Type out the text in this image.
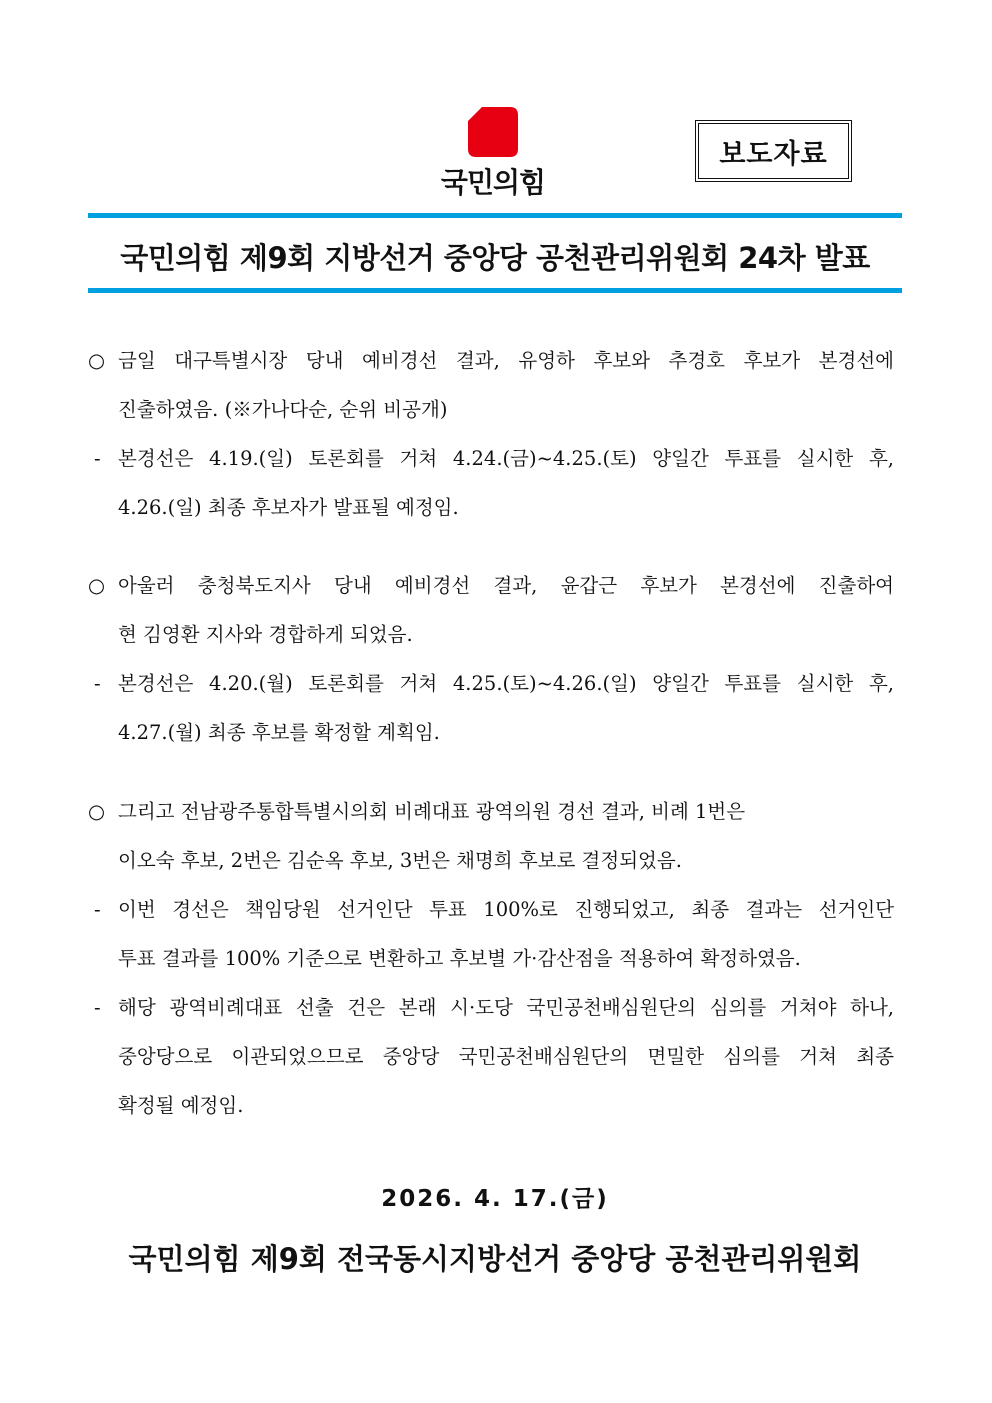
국민의힘
보도자료
국민의힘 제9회 지방선거 중앙당 공천관리위원회 24차 발표
○ 금일 대구특별시장 당내 예비경선 결과, 유영하 후보와 추경호 후보가 본경선에
진출하였음. (※가나다순, 순위 비공개)
- 본경선은 4.19.(일) 토론회를 거쳐 4.24.(금)~4.25.(토) 양일간 투표를 실시한 후,
4.26.(일) 최종 후보자가 발표될 예정임.
○ 아울러 충청북도지사 당내 예비경선 결과, 윤갑근 후보가 본경선에 진출하여
현 김영환 지사와 경합하게 되었음.
- 본경선은 4.20.(월) 토론회를 거쳐 4.25.(토)~4.26.(일) 양일간 투표를 실시한 후,
4.27.(월) 최종 후보를 확정할 계획임.
○ 그리고 전남광주통합특별시의회 비례대표 광역의원 경선 결과, 비례 1번은
이오숙 후보, 2번은 김순옥 후보, 3번은 채명희 후보로 결정되었음.
- 이번 경선은 책임당원 선거인단 투표 100%로 진행되었고, 최종 결과는 선거인단
투표 결과를 100% 기준으로 변환하고 후보별 가·감산점을 적용하여 확정하였음.
- 해당 광역비례대표 선출 건은 본래 시·도당 국민공천배심원단의 심의를 거쳐야 하나,
중앙당으로 이관되었으므로 중앙당 국민공천배심원단의 면밀한 심의를 거쳐 최종
확정될 예정임.
2026. 4. 17.(금)
국민의힘 제9회 전국동시지방선거 중앙당 공천관리위원회
